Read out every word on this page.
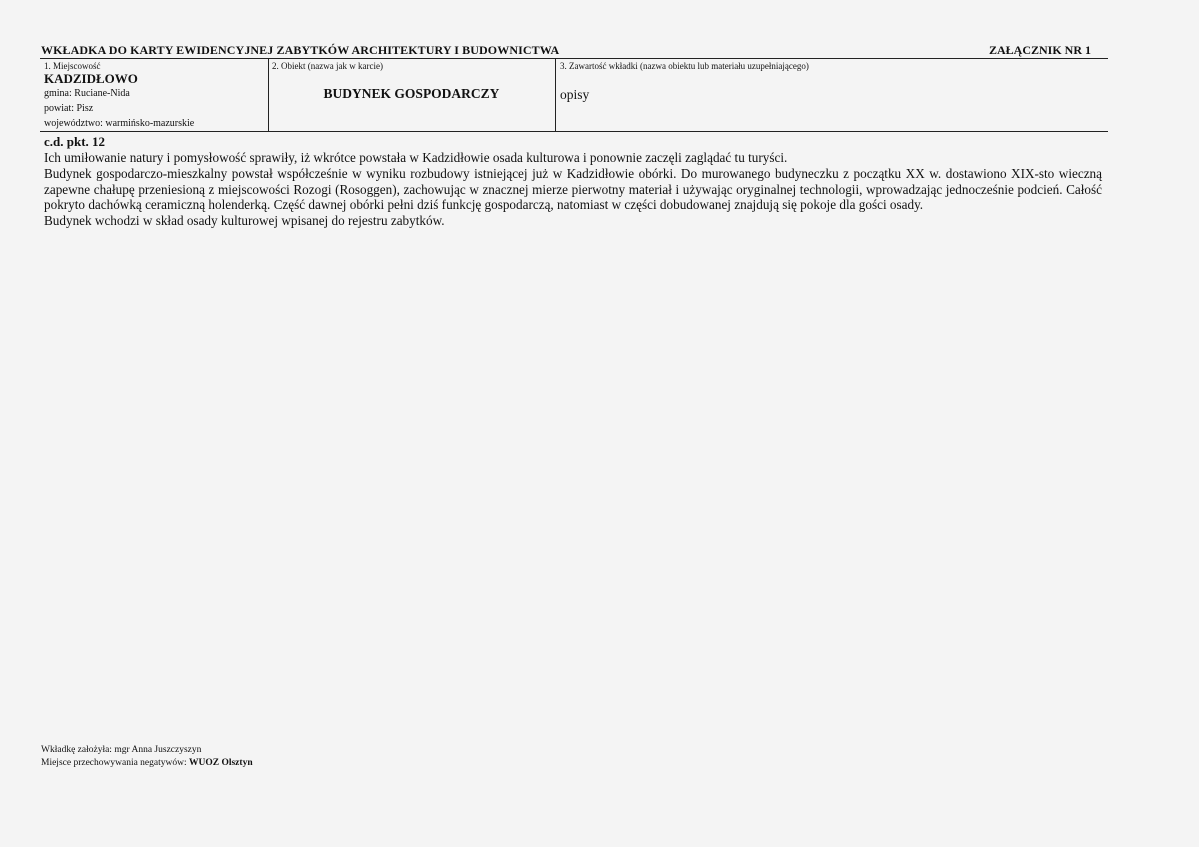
WKŁADKA DO KARTY EWIDENCYJNEJ ZABYTKÓW ARCHITEKTURY I BUDOWNICTWA	ZAŁĄCZNIK NR 1
1. Miejscowość
KADZIDŁOWO
gmina: Ruciane-Nida
powiat: Pisz
województwo: warmińsko-mazurskie
2. Obiekt (nazwa jak w karcie)
BUDYNEK GOSPODARCZY
3. Zawartość wkładki (nazwa obiektu lub materiału uzupełniającego)
opisy
c.d. pkt. 12

Ich umiłowanie natury i pomysłowość sprawiły, iż wkrótce powstała w Kadzidłowie osada kulturowa i ponownie zaczęli zaglądać tu turyści.

Budynek gospodarczo-mieszkalny powstał współcześnie w wyniku rozbudowy istniejącej już w Kadzidłowie obórki. Do murowanego budyneczku z początku XX w. dostawiono XIX-sto wieczną zapewne chałupę przeniesioną z miejscowości Rozogi (Rosoggen), zachowując w znacznej mierze pierwotny materiał i używając oryginalnej technologii, wprowadzając jednocześnie podcień. Całość pokryto dachówką ceramiczną holenderką. Część dawnej obórki pełni dziś funkcję gospodarczą, natomiast w części dobudowanej znajdują się pokoje dla gości osady.

Budynek wchodzi w skład osady kulturowej wpisanej do rejestru zabytków.

Wkładkę założyła: mgr Anna Juszczyszyn
Miejsce przechowywania negatywów: WUOZ Olsztyn
